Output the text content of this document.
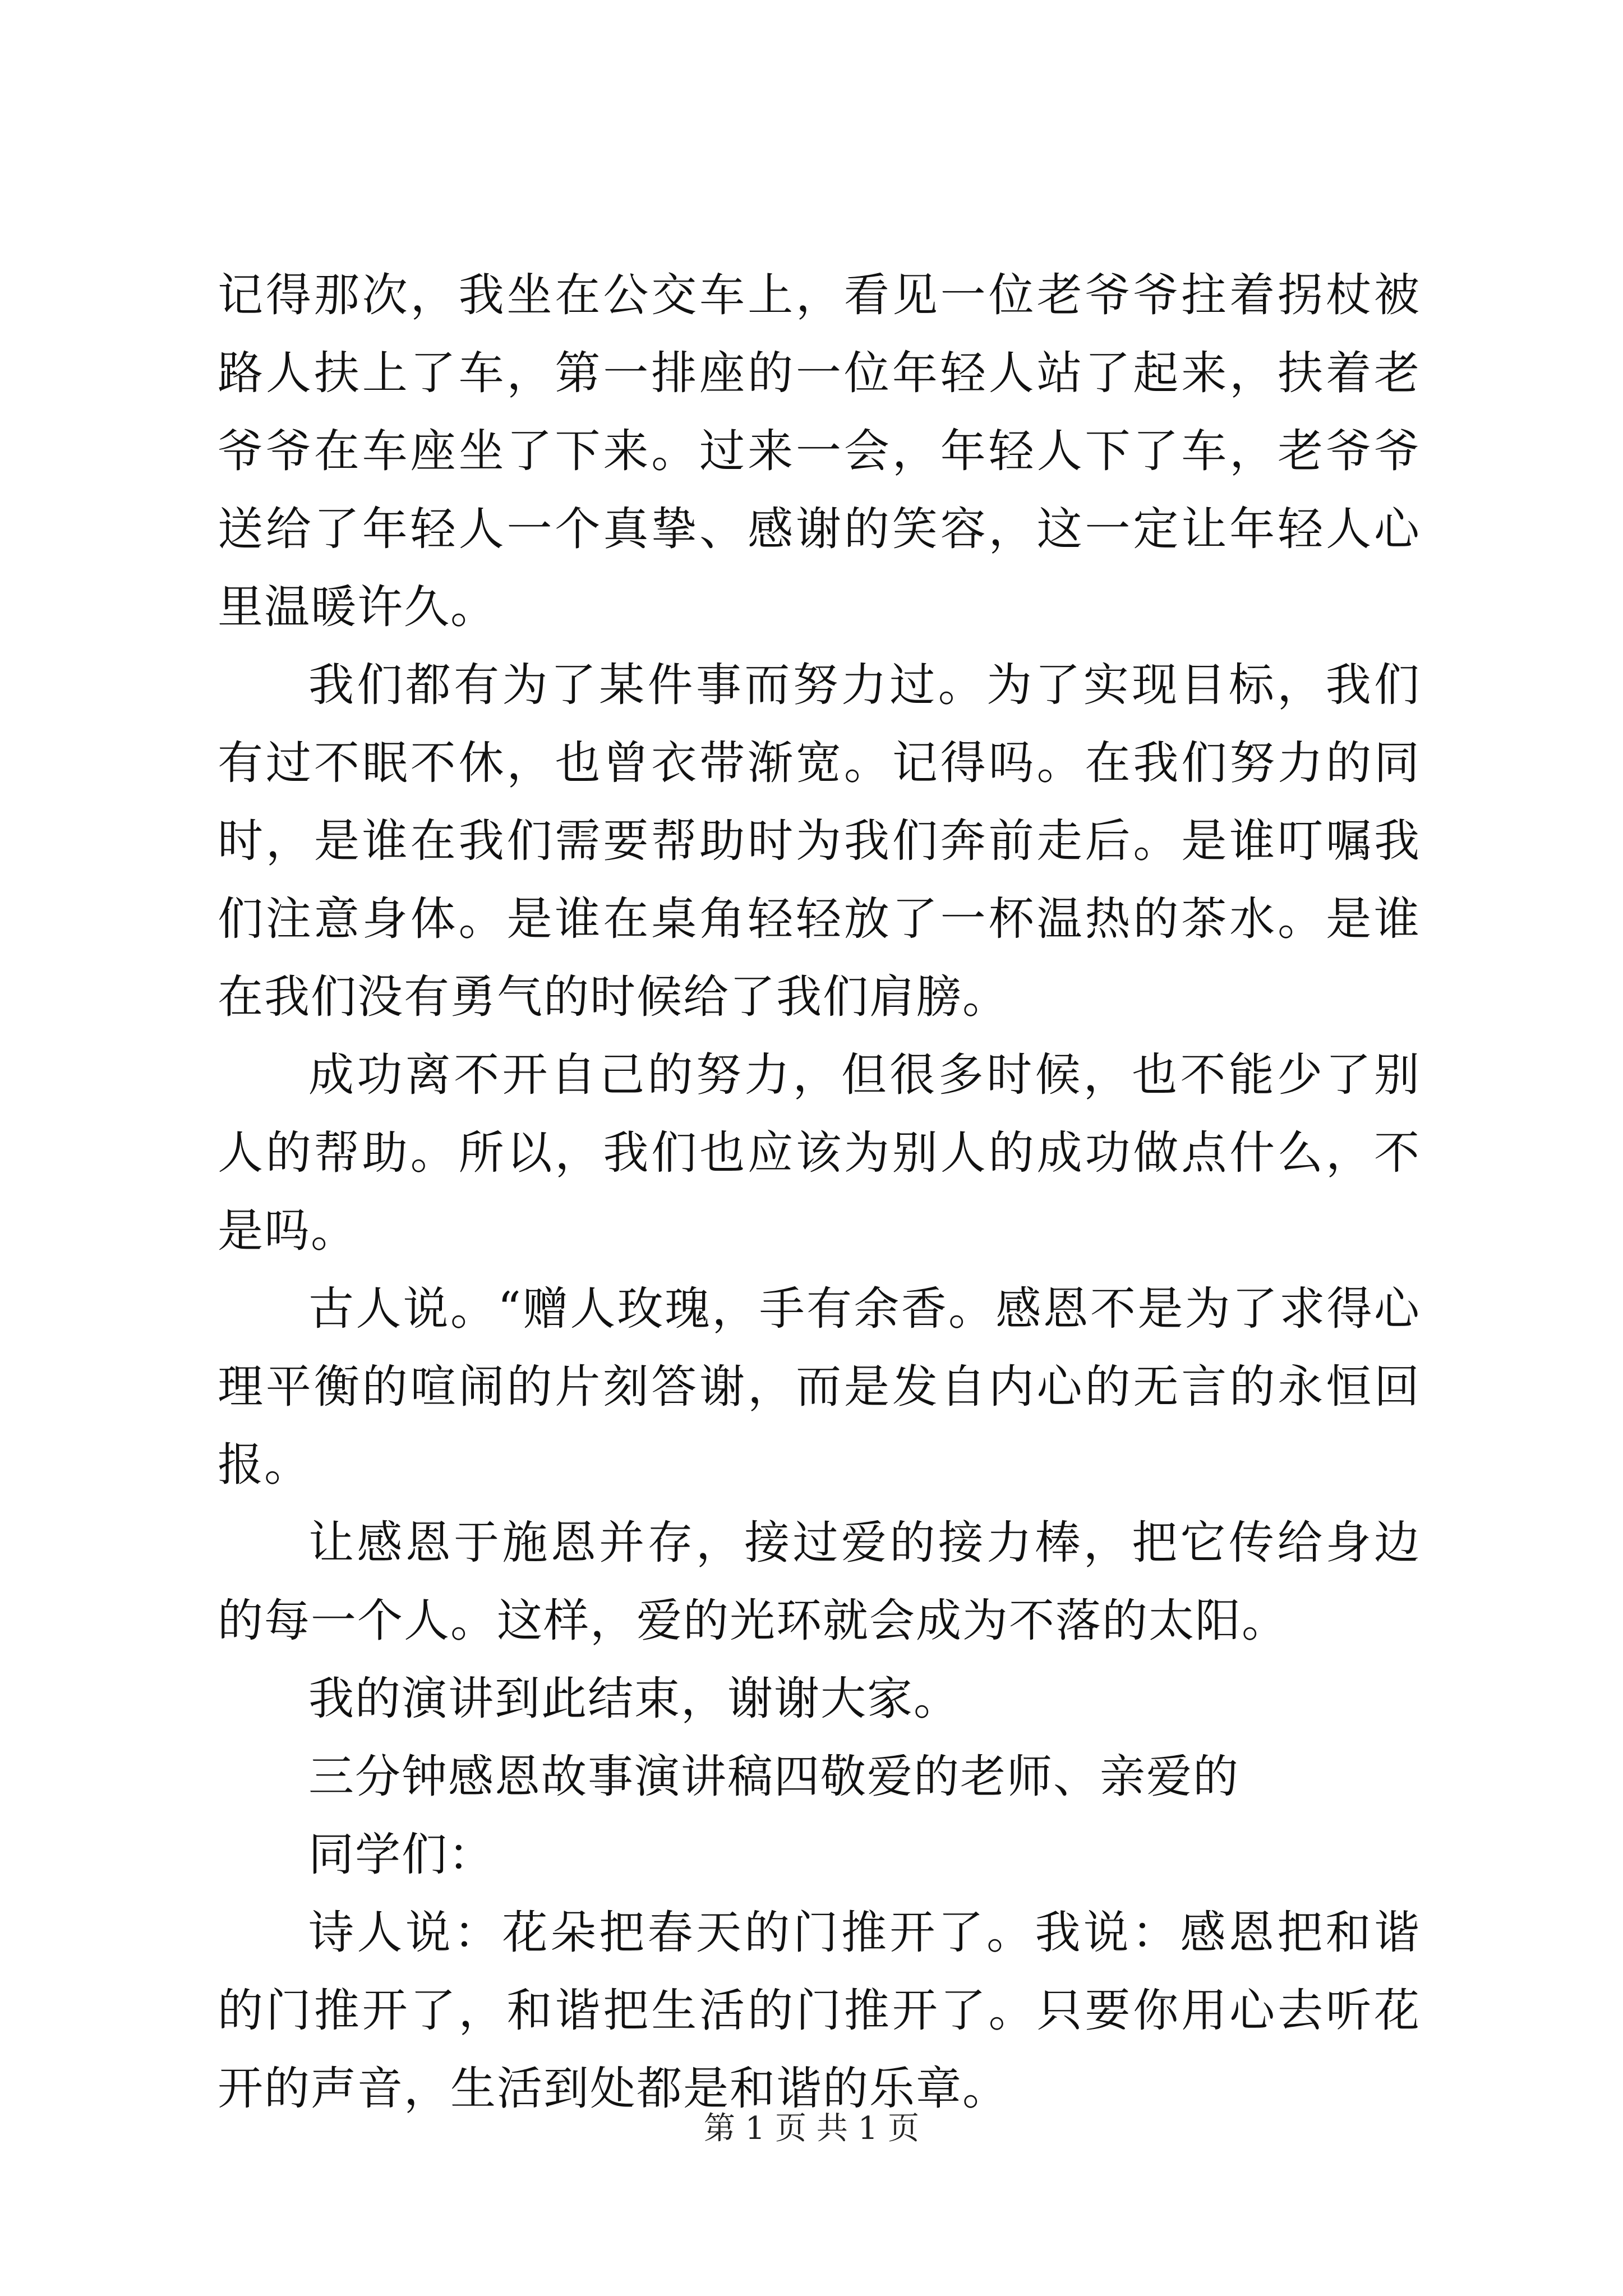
记得那次，我坐在公交车上，看见一位老爷爷拄着拐杖被路人扶上了车，第一排座的一位年轻人站了起来，扶着老爷爷在车座坐了下来。过来一会，年轻人下了车，老爷爷送给了年轻人一个真挚、感谢的笑容，这一定让年轻人心里温暖许久。

我们都有为了某件事而努力过。为了实现目标，我们有过不眠不休，也曾衣带渐宽。记得吗。在我们努力的同时，是谁在我们需要帮助时为我们奔前走后。是谁叮嘱我们注意身体。是谁在桌角轻轻放了一杯温热的茶水。是谁在我们没有勇气的时候给了我们肩膀。

成功离不开自己的努力，但很多时候，也不能少了别人的帮助。所以，我们也应该为别人的成功做点什么，不是吗。

古人说。“赠人玫瑰，手有余香。感恩不是为了求得心理平衡的喧闹的片刻答谢，而是发自内心的无言的永恒回报。

让感恩于施恩并存，接过爱的接力棒，把它传给身边的每一个人。这样，爱的光环就会成为不落的太阳。

我的演讲到此结束，谢谢大家。

三分钟感恩故事演讲稿四敬爱的老师、亲爱的

同学们：

诗人说：花朵把春天的门推开了。我说：感恩把和谐的门推开了，和谐把生活的门推开了。只要你用心去听花开的声音，生活到处都是和谐的乐章。

第 1 页 共 1 页
